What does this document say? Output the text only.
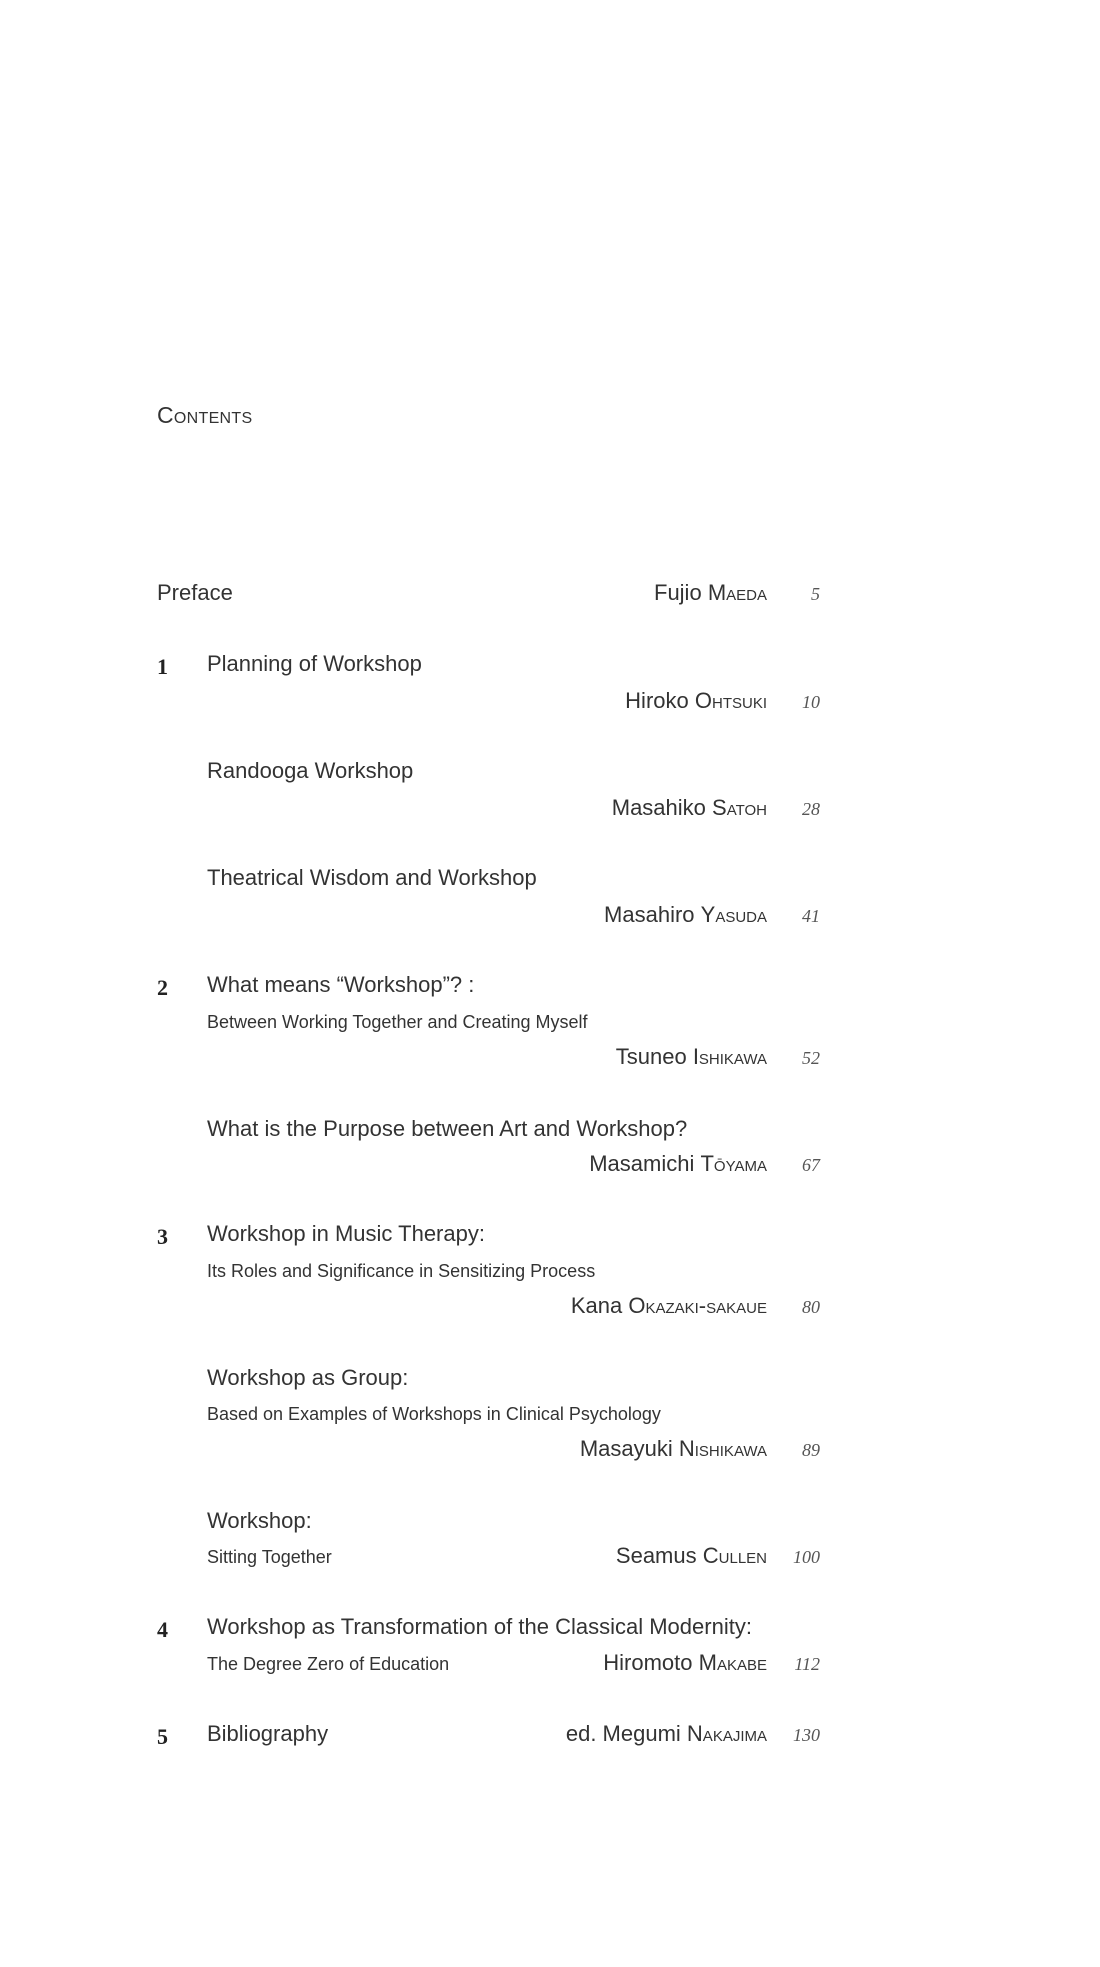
Contents
Preface	Fujio Maeda 5
1 Planning of Workshop
Hiroko Ohtsuki 10
Randooga Workshop
Masahiko Satoh 28
Theatrical Wisdom and Workshop
Masahiro Yasuda 41
2 What means “Workshop”? :
Between Working Together and Creating Myself
Tsuneo Ishikawa 52
What is the Purpose between Art and Workshop?
Masamichi Tōyama 67
3 Workshop in Music Therapy:
Its Roles and Significance in Sensitizing Process
Kana Okazaki-sakaue 80
Workshop as Group:
Based on Examples of Workshops in Clinical Psychology
Masayuki Nishikawa 89
Workshop:
Sitting Together	Seamus Cullen 100
4 Workshop as Transformation of the Classical Modernity:
The Degree Zero of Education	Hiromoto Makabe 112
5 Bibliography	ed. Megumi Nakajima 130
